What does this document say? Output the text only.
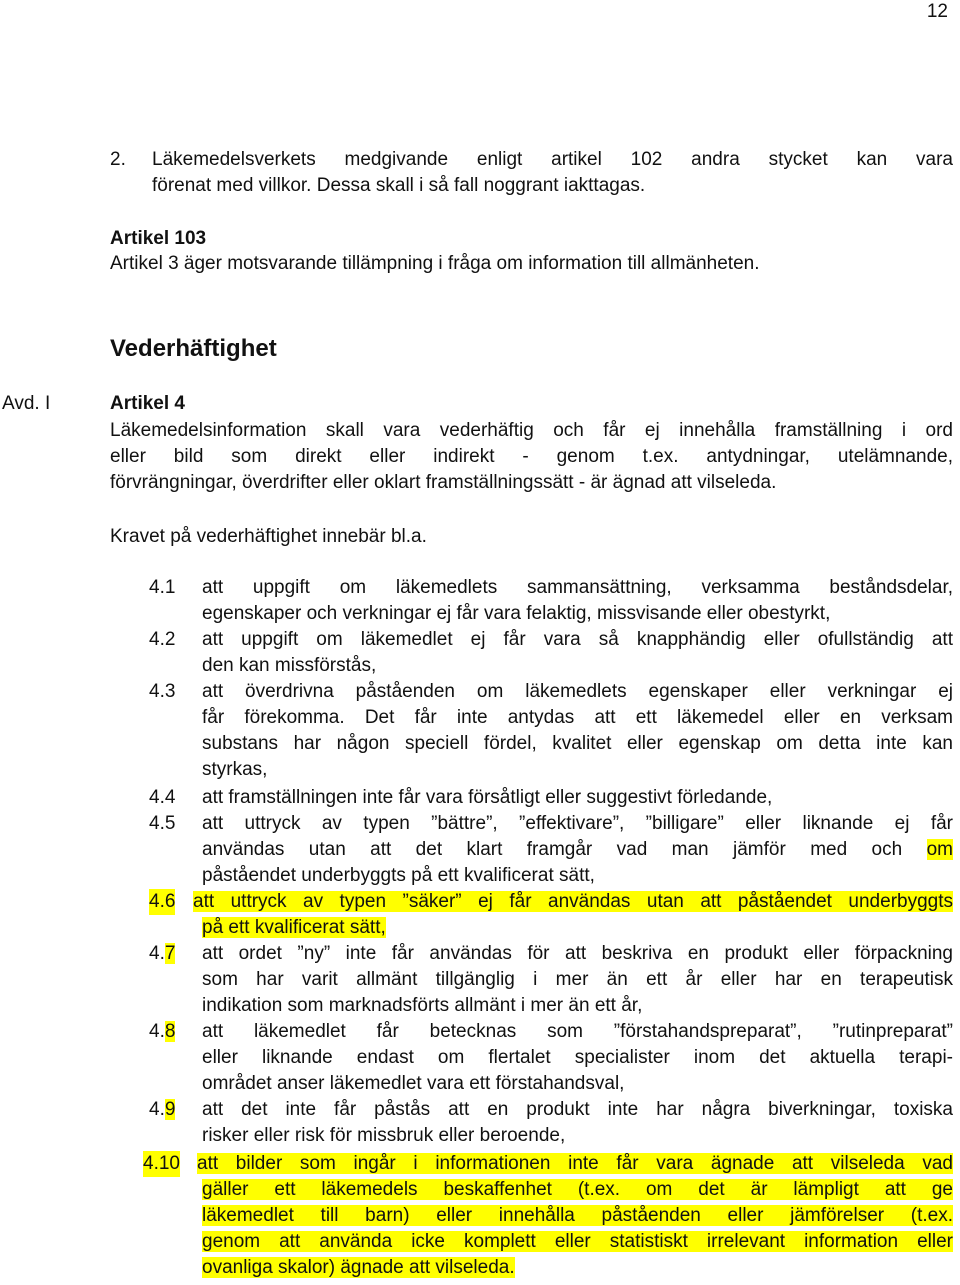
12
2. Läkemedelsverkets medgivande enligt artikel 102 andra stycket kan vara
förenat med villkor. Dessa skall i så fall noggrant iakttagas.
Artikel 103
Artikel 3 äger motsvarande tillämpning i fråga om information till allmänheten.
Vederhäftighet
Avd. I	Artikel 4
Läkemedelsinformation skall vara vederhäftig och får ej innehålla framställning i ord
eller bild som direkt eller indirekt - genom t.ex. antydningar, utelämnande,
förvrängningar, överdrifter eller oklart framställningssätt - är ägnad att vilseleda.
Kravet på vederhäftighet innebär bl.a.
4.1 att uppgift om läkemedlets sammansättning, verksamma beståndsdelar,
egenskaper och verkningar ej får vara felaktig, missvisande eller obestyrkt,
4.2 att uppgift om läkemedlet ej får vara så knapphändig eller ofullständig att
den kan missförstås,
4.3 att överdrivna påståenden om läkemedlets egenskaper eller verkningar ej
får förekomma. Det får inte antydas att ett läkemedel eller en verksam
substans har någon speciell fördel, kvalitet eller egenskap om detta inte kan
styrkas,
4.4 att framställningen inte får vara försåtligt eller suggestivt förledande,
4.5 att uttryck av typen ”bättre”, ”effektivare”, ”billigare” eller liknande ej får
användas utan att det klart framgår vad man jämför med och om
påståendet underbyggts på ett kvalificerat sätt,
4.6 att uttryck av typen ”säker” ej får användas utan att påståendet underbyggts
på ett kvalificerat sätt,
4.7 att ordet ”ny” inte får användas för att beskriva en produkt eller förpackning
som har varit allmänt tillgänglig i mer än ett år eller har en terapeutisk
indikation som marknadsförts allmänt i mer än ett år,
4.8 att läkemedlet får betecknas som ”förstahandspreparat”, ”rutinpreparat”
eller liknande endast om flertalet specialister inom det aktuella terapi-
området anser läkemedlet vara ett förstahandsval,
4.9 att det inte får påstås att en produkt inte har några biverkningar, toxiska
risker eller risk för missbruk eller beroende,
4.10 att bilder som ingår i informationen inte får vara ägnade att vilseleda vad
gäller ett läkemedels beskaffenhet (t.ex. om det är lämpligt att ge
läkemedlet till barn) eller innehålla påståenden eller jämförelser (t.ex.
genom att använda icke komplett eller statistiskt irrelevant information eller
ovanliga skalor) ägnade att vilseleda.
